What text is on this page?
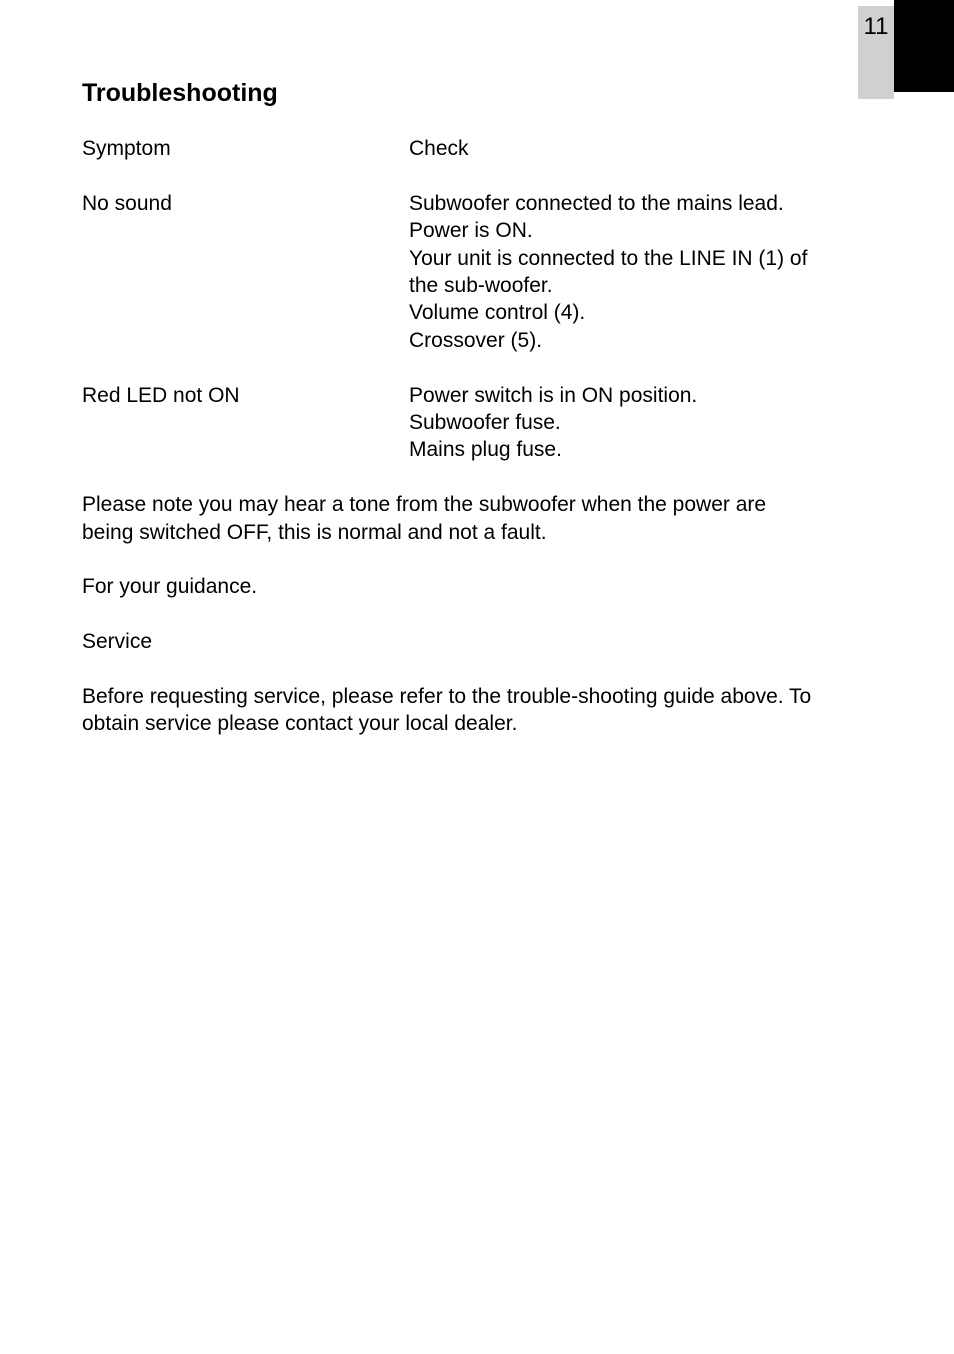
11
Troubleshooting
Symptom	Check
No sound	Subwoofer connected to the mains lead.
Power is ON.
Your unit is connected to the LINE IN (1) of
the sub-woofer.
Volume control (4).
Crossover (5).
Red LED not ON	Power switch is in ON position.
Subwoofer fuse.
Mains plug fuse.

Please note you may hear a tone from the subwoofer when the power are
being switched OFF, this is normal and not a fault.

For your guidance.

Service

Before requesting service, please refer to the trouble-shooting guide above. To
obtain service please contact your local dealer.
